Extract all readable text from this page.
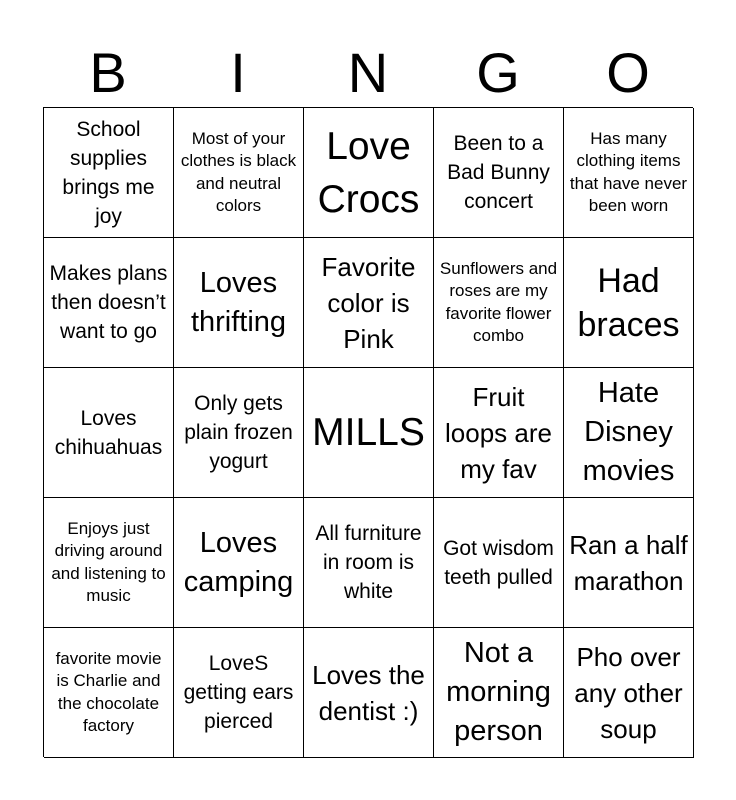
B	I	N	G	O
School supplies brings me joy
Most of your clothes is black and neutral colors
Love Crocs
Been to a Bad Bunny concert
Has many clothing items that have never been worn
Makes plans then doesn’t want to go
Loves thrifting
Favorite color is Pink
Sunflowers and roses are my favorite flower combo
Had braces
Loves chihuahuas
Only gets plain frozen yogurt
MILLS
Fruit loops are my fav
Hate Disney movies
Enjoys just driving around and listening to music
Loves camping
All furniture in room is white
Got wisdom teeth pulled
Ran a half marathon
favorite movie is Charlie and the chocolate factory
LoveS getting ears pierced
Loves the dentist :)
Not a morning person
Pho over any other soup
